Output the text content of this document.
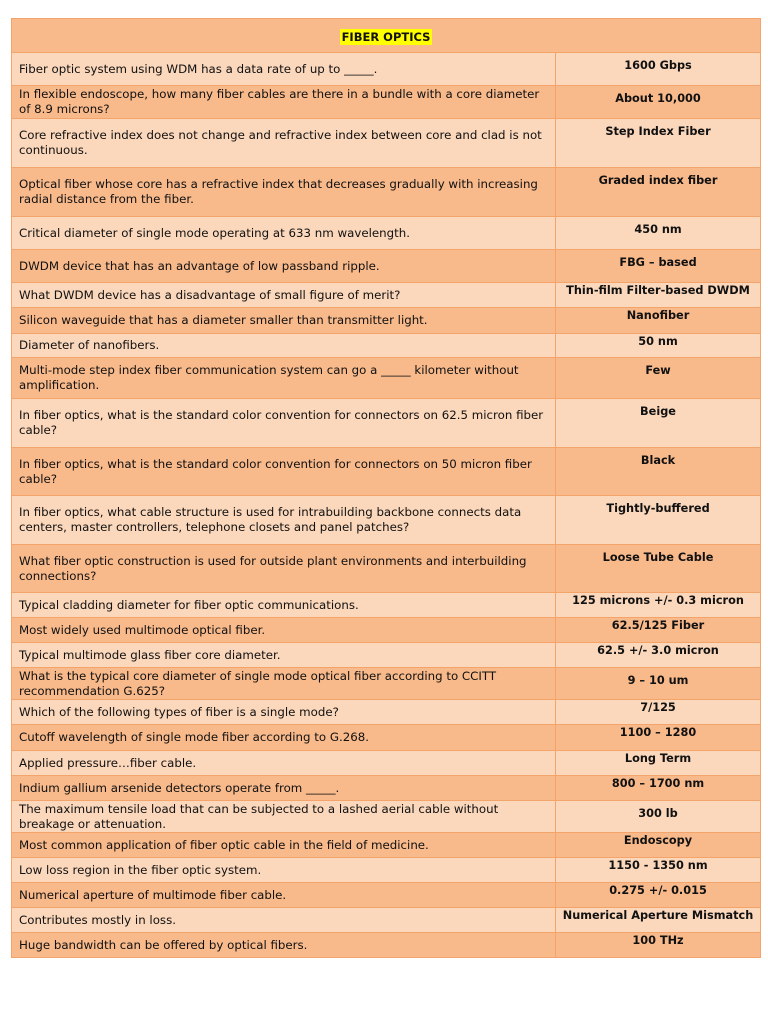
FIBER OPTICS	
Fiber optic system using WDM has a data rate of up to _____.	1600 Gbps
In flexible endoscope, how many fiber cables are there in a bundle with a core diameter of 8.9 microns?	About 10,000
Core refractive index does not change and refractive index between core and clad is not continuous.	Step Index Fiber
Optical fiber whose core has a refractive index that decreases gradually with increasing radial distance from the fiber.	Graded index fiber
Critical diameter of single mode operating at 633 nm wavelength.	450 nm
DWDM device that has an advantage of low passband ripple.	FBG – based
What DWDM device has a disadvantage of small figure of merit?	Thin-film Filter-based DWDM
Silicon waveguide that has a diameter smaller than transmitter light.	Nanofiber
Diameter of nanofibers.	50 nm
Multi-mode step index fiber communication system can go a _____ kilometer without amplification.	Few
In fiber optics, what is the standard color convention for connectors on 62.5 micron fiber cable?	Beige
In fiber optics, what is the standard color convention for connectors on 50 micron fiber cable?	Black
In fiber optics, what cable structure is used for intrabuilding backbone connects data centers, master controllers, telephone closets and panel patches?	Tightly-buffered
What fiber optic construction is used for outside plant environments and interbuilding connections?	Loose Tube Cable
Typical cladding diameter for fiber optic communications.	125 microns +/- 0.3 micron
Most widely used multimode optical fiber.	62.5/125 Fiber
Typical multimode glass fiber core diameter.	62.5 +/- 3.0 micron
What is the typical core diameter of single mode optical fiber according to CCITT recommendation G.625?	9 – 10 um
Which of the following types of fiber is a single mode?	7/125
Cutoff wavelength of single mode fiber according to G.268.	1100 – 1280
Applied pressure…fiber cable.	Long Term
Indium gallium arsenide detectors operate from _____.	800 – 1700 nm
The maximum tensile load that can be subjected to a lashed aerial cable without breakage or attenuation.	300 lb
Most common application of fiber optic cable in the field of medicine.	Endoscopy
Low loss region in the fiber optic system.	1150 - 1350 nm
Numerical aperture of multimode fiber cable.	0.275 +/- 0.015
Contributes mostly in loss.	Numerical Aperture Mismatch
Huge bandwidth can be offered by optical fibers.	100 THz
